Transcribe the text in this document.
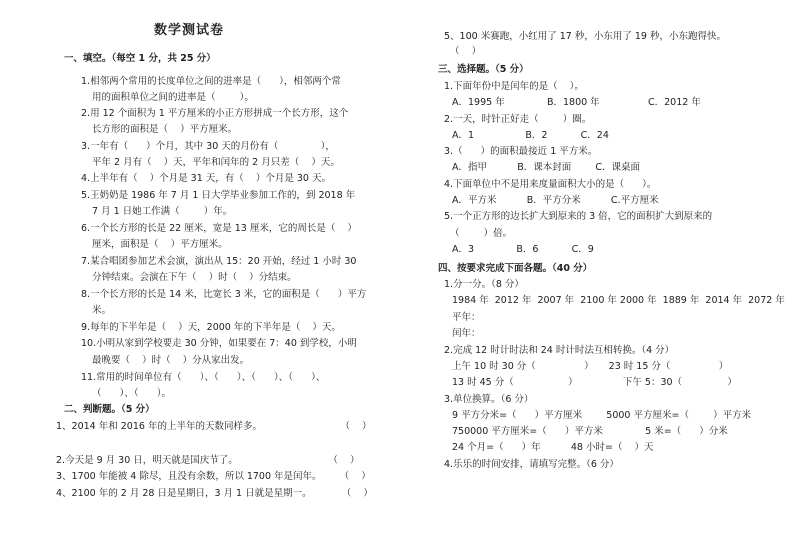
数学测试卷
一、填空。（每空 1 分，共 25 分）
1.相邻两个常用的长度单位之间的进率是（      ），相邻两个常
用的面积单位之间的进率是（        ）。
2.用 12 个面积为 1 平方厘米的小正方形拼成一个长方形，这个
长方形的面积是（    ）平方厘米。
3.一年有（      ）个月，其中 30 天的月份有（              ），
平年 2 月有（    ）天，平年和闰年的 2 月只差（    ）天。
4.上半年有（    ）个月是 31 天，有（    ）个月是 30 天。
5.王奶奶是 1986 年 7 月 1 日大学毕业参加工作的，到 2018 年
7 月 1 日她工作满（        ）年。
6.一个长方形的长是 22 厘米，宽是 13 厘米，它的周长是（    ）
厘米，面积是（    ）平方厘米。
7.某合唱团参加艺术会演，演出从 15：20 开始，经过 1 小时 30
分钟结束。会演在下午（    ）时（    ）分结束。
8.一个长方形的长是 14 米，比宽长 3 米，它的面积是（      ）平方
米。
9.每年的下半年是（    ）天，2000 年的下半年是（    ）天。
10.小明从家到学校要走 30 分钟，如果要在 7：40 到学校，小明
最晚要（    ）时（    ）分从家出发。
11.常用的时间单位有（      ）、（      ）、（      ）、（      ）、
（      ）、（      ）。
二、判断题。（5 分）
1、2014 年和 2016 年的上半年的天数同样多。                          （    ）
2.今天是 9 月 30 日，明天就是国庆节了。                              （    ）
3、1700 年能被 4 除尽，且没有余数，所以 1700 年是闰年。      （    ）
4、2100 年的 2 月 28 日是星期日，3 月 1 日就是星期一。          （    ）
5、100 米赛跑，小红用了 17 秒，小东用了 19 秒，小东跑得快。
（    ）
三、选择题。（5 分）
1.下面年份中是闰年的是（    ）。
A．1995 年              B．1800 年                C．2012 年
2.一天，时针正好走（        ）圈。
A．1                 B．2           C．24
3.（      ）的面积最接近 1 平方米。
A．指甲          B．课本封面        C．课桌面
4.下面单位中不是用来度量面积大小的是（      ）。
A．平方米          B．平方分米          C.平方厘米
5.一个正方形的边长扩大到原来的 3 倍，它的面积扩大到原来的
（        ）倍。
A．3              B．6           C．9
四、按要求完成下面各题。（40 分）
1.分一分。（8 分）
1984 年  2012 年  2007 年  2100 年 2000 年  1889 年  2014 年  2072 年
平年：
闰年：
2.完成 12 时计时法和 24 时计时法互相转换。（4 分）
上午 10 时 30 分（                ）     23 时 15 分（                ）
13 时 45 分（                  ）               下午 5：30（               ）
3.单位换算。（6 分）
9 平方分米=（      ）平方厘米        5000 平方厘米=（        ）平方米
750000 平方厘米=（      ）平方米              5 米=（      ）分米
24 个月=（      ）年          48 小时=（    ）天
4.乐乐的时间安排，请填写完整。（6 分）
